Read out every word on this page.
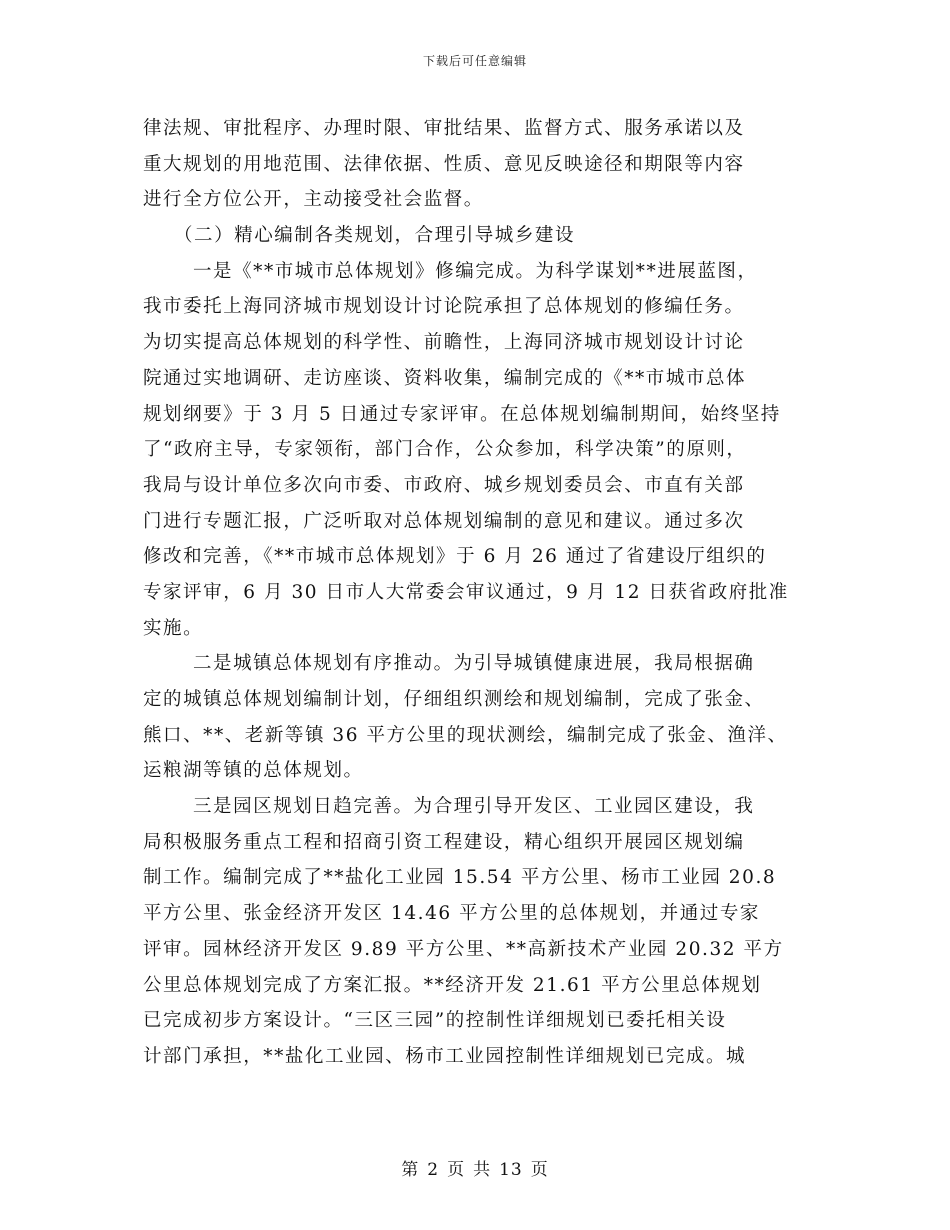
下载后可任意编辑
律法规、审批程序、办理时限、审批结果、监督方式、服务承诺以及
重大规划的用地范围、法律依据、性质、意见反映途径和期限等内容
进行全方位公开，主动接受社会监督。
（二）精心编制各类规划，合理引导城乡建设
一是《**市城市总体规划》修编完成。为科学谋划**进展蓝图，
我市委托上海同济城市规划设计讨论院承担了总体规划的修编任务。
为切实提高总体规划的科学性、前瞻性，上海同济城市规划设计讨论
院通过实地调研、走访座谈、资料收集，编制完成的《**市城市总体
规划纲要》于 3 月 5 日通过专家评审。在总体规划编制期间，始终坚持
了“政府主导，专家领衔，部门合作，公众参加，科学决策”的原则，
我局与设计单位多次向市委、市政府、城乡规划委员会、市直有关部
门进行专题汇报，广泛听取对总体规划编制的意见和建议。通过多次
修改和完善，《**市城市总体规划》于 6 月 26 通过了省建设厅组织的
专家评审，6 月 30 日市人大常委会审议通过，9 月 12 日获省政府批准
实施。
二是城镇总体规划有序推动。为引导城镇健康进展，我局根据确
定的城镇总体规划编制计划，仔细组织测绘和规划编制，完成了张金、
熊口、**、老新等镇 36 平方公里的现状测绘，编制完成了张金、渔洋、
运粮湖等镇的总体规划。
三是园区规划日趋完善。为合理引导开发区、工业园区建设，我
局积极服务重点工程和招商引资工程建设，精心组织开展园区规划编
制工作。编制完成了**盐化工业园 15.54 平方公里、杨市工业园 20.8
平方公里、张金经济开发区 14.46 平方公里的总体规划，并通过专家
评审。园林经济开发区 9.89 平方公里、**高新技术产业园 20.32 平方
公里总体规划完成了方案汇报。**经济开发 21.61 平方公里总体规划
已完成初步方案设计。“三区三园”的控制性详细规划已委托相关设
计部门承担，**盐化工业园、杨市工业园控制性详细规划已完成。城
第 2 页 共 13 页
